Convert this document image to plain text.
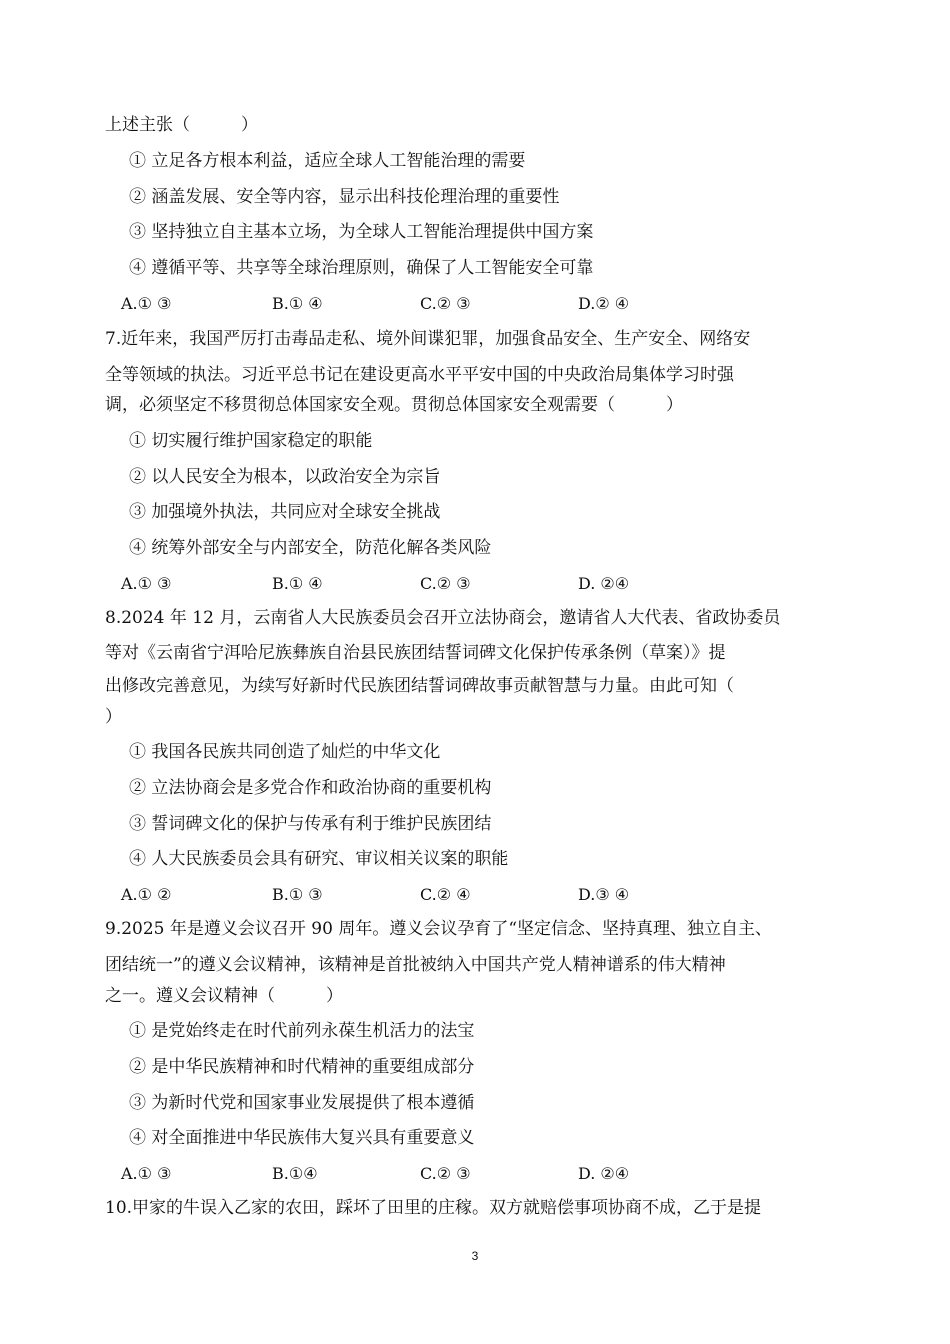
上述主张（　　　）
① 立足各方根本利益，适应全球人工智能治理的需要
② 涵盖发展、安全等内容，显示出科技伦理治理的重要性
③ 坚持独立自主基本立场，为全球人工智能治理提供中国方案
④ 遵循平等、共享等全球治理原则，确保了人工智能安全可靠
A.① ③	B.① ④	C.② ③	D.② ④
7.近年来，我国严厉打击毒品走私、境外间谍犯罪，加强食品安全、生产安全、网络安
全等领域的执法。习近平总书记在建设更高水平平安中国的中央政治局集体学习时强
调，必须坚定不移贯彻总体国家安全观。贯彻总体国家安全观需要（　　　）
① 切实履行维护国家稳定的职能
② 以人民安全为根本，以政治安全为宗旨
③ 加强境外执法，共同应对全球安全挑战
④ 统筹外部安全与内部安全，防范化解各类风险
A.① ③	B.① ④	C.② ③	D. ②④
8.2024 年 12 月，云南省人大民族委员会召开立法协商会，邀请省人大代表、省政协委员
等对《云南省宁洱哈尼族彝族自治县民族团结誓词碑文化保护传承条例（草案）》提
出修改完善意见，为续写好新时代民族团结誓词碑故事贡献智慧与力量。由此可知（
）
① 我国各民族共同创造了灿烂的中华文化
② 立法协商会是多党合作和政治协商的重要机构
③ 誓词碑文化的保护与传承有利于维护民族团结
④ 人大民族委员会具有研究、审议相关议案的职能
A.① ②	B.① ③	C.② ④	D.③ ④
9.2025 年是遵义会议召开 90 周年。遵义会议孕育了“坚定信念、坚持真理、独立自主、
团结统一”的遵义会议精神，该精神是首批被纳入中国共产党人精神谱系的伟大精神
之一。遵义会议精神（　　　）
① 是党始终走在时代前列永葆生机活力的法宝
② 是中华民族精神和时代精神的重要组成部分
③ 为新时代党和国家事业发展提供了根本遵循
④ 对全面推进中华民族伟大复兴具有重要意义
A.① ③	B.①④	C.② ③	D. ②④
10.甲家的牛误入乙家的农田，踩坏了田里的庄稼。双方就赔偿事项协商不成，乙于是提
3
